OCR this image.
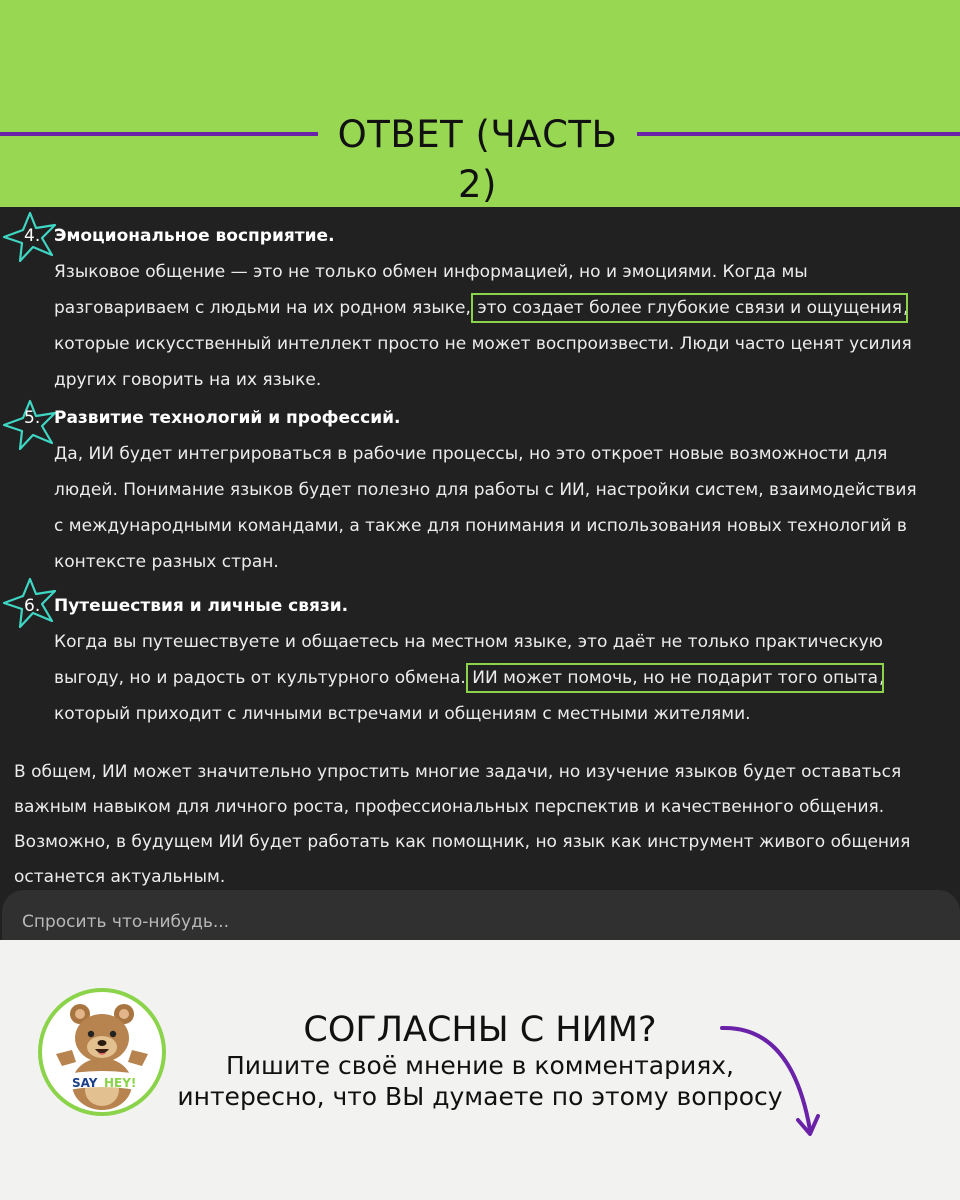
ОТВЕТ (ЧАСТЬ 2)
4. Эмоциональное восприятие.
Языковое общение — это не только обмен информацией, но и эмоциями. Когда мы
разговариваем с людьми на их родном языке, это создает более глубокие связи и ощущения,
которые искусственный интеллект просто не может воспроизвести. Люди часто ценят усилия
других говорить на их языке.
5. Развитие технологий и профессий.
Да, ИИ будет интегрироваться в рабочие процессы, но это откроет новые возможности для
людей. Понимание языков будет полезно для работы с ИИ, настройки систем, взаимодействия
с международными командами, а также для понимания и использования новых технологий в
контексте разных стран.
6. Путешествия и личные связи.
Когда вы путешествуете и общаетесь на местном языке, это даёт не только практическую
выгоду, но и радость от культурного обмена. ИИ может помочь, но не подарит того опыта,
который приходит с личными встречами и общениям с местными жителями.
В общем, ИИ может значительно упростить многие задачи, но изучение языков будет оставаться
важным навыком для личного роста, профессиональных перспектив и качественного общения.
Возможно, в будущем ИИ будет работать как помощник, но язык как инструмент живого общения
останется актуальным.
Спросить что-нибудь...
SAY HEY!
СОГЛАСНЫ С НИМ?
Пишите своё мнение в комментариях,
интересно, что ВЫ думаете по этому вопросу
